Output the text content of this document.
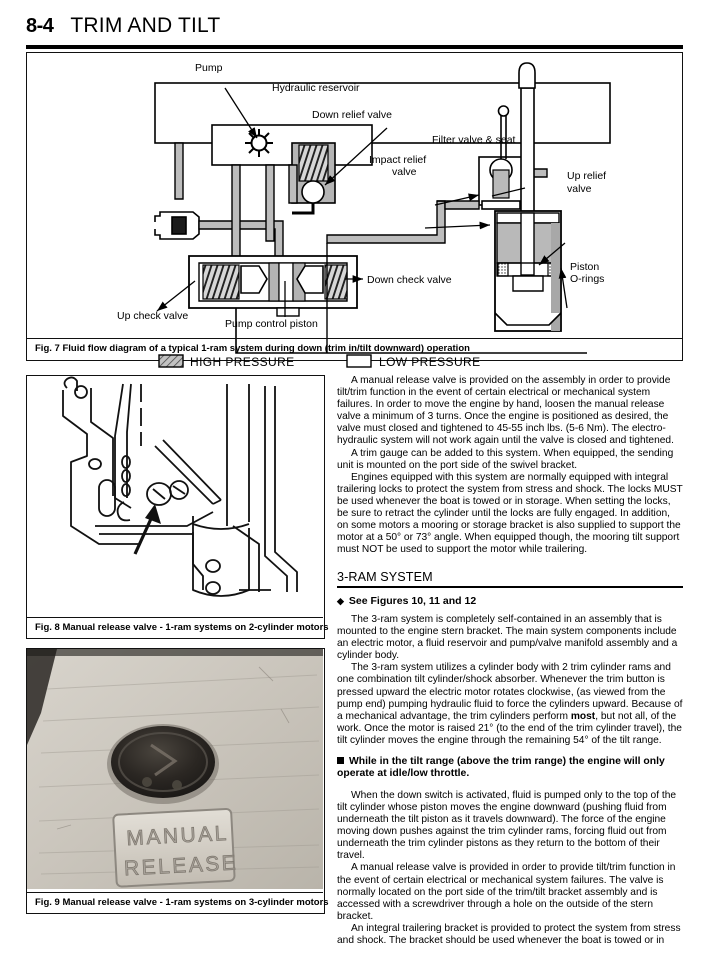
8-4 TRIM AND TILT
Pump
Hydraulic reservoir
Down relief valve
Filter valve & seat
Impact relief
valve	Up relief
valve
Piston
O-rings
Down check valve
Up check valve
Pump control piston
HIGH PRESSURE	LOW PRESSURE
Fig. 7 Fluid flow diagram of a typical 1-ram system during down (trim in/tilt downward) operation
Fig. 8 Manual release valve - 1-ram systems on 2-cylinder motors
MANUAL
RELEASE
Fig. 9 Manual release valve - 1-ram systems on 3-cylinder motors

A manual release valve is provided on the assembly in order to provide tilt/trim function in the event of certain electrical or mechanical system failures. In order to move the engine by hand, loosen the manual release valve a minimum of 3 turns. Once the engine is positioned as desired, the valve must closed and tightened to 45-55 inch lbs. (5-6 Nm). The electro-hydraulic system will not work again until the valve is closed and tightened.

A trim gauge can be added to this system. When equipped, the sending unit is mounted on the port side of the swivel bracket.

Engines equipped with this system are normally equipped with integral trailering locks to protect the system from stress and shock. The locks MUST be used whenever the boat is towed or in storage. When setting the locks, be sure to retract the cylinder until the locks are fully engaged. In addition, on some motors a mooring or storage bracket is also supplied to support the motor at a 50° or 73° angle. When equipped though, the mooring tilt support must NOT be used to support the motor while trailering.

3-RAM SYSTEM
◆ See Figures 10, 11 and 12

The 3-ram system is completely self-contained in an assembly that is mounted to the engine stern bracket. The main system components include an electric motor, a fluid reservoir and pump/valve manifold assembly and a cylinder body.

The 3-ram system utilizes a cylinder body with 2 trim cylinder rams and one combination tilt cylinder/shock absorber. Whenever the trim button is pressed upward the electric motor rotates clockwise, (as viewed from the pump end) pumping hydraulic fluid to force the cylinders upward. Because of a mechanical advantage, the trim cylinders perform most, but not all, of the work. Once the motor is raised 21° (to the end of the trim cylinder travel), the tilt cylinder moves the engine through the remaining 54° of the tilt range.

While in the tilt range (above the trim range) the engine will only operate at idle/low throttle.

When the down switch is activated, fluid is pumped only to the top of the tilt cylinder whose piston moves the engine downward (pushing fluid from underneath the tilt piston as it travels downward). The force of the engine moving down pushes against the trim cylinder rams, forcing fluid out from underneath the trim cylinder pistons as they return to the bottom of their travel.

A manual release valve is provided in order to provide tilt/trim function in the event of certain electrical or mechanical system failures. The valve is normally located on the port side of the trim/tilt bracket assembly and is accessed with a screwdriver through a hole on the outside of the stern bracket.

An integral trailering bracket is provided to protect the system from stress and shock. The bracket should be used whenever the boat is towed or in
